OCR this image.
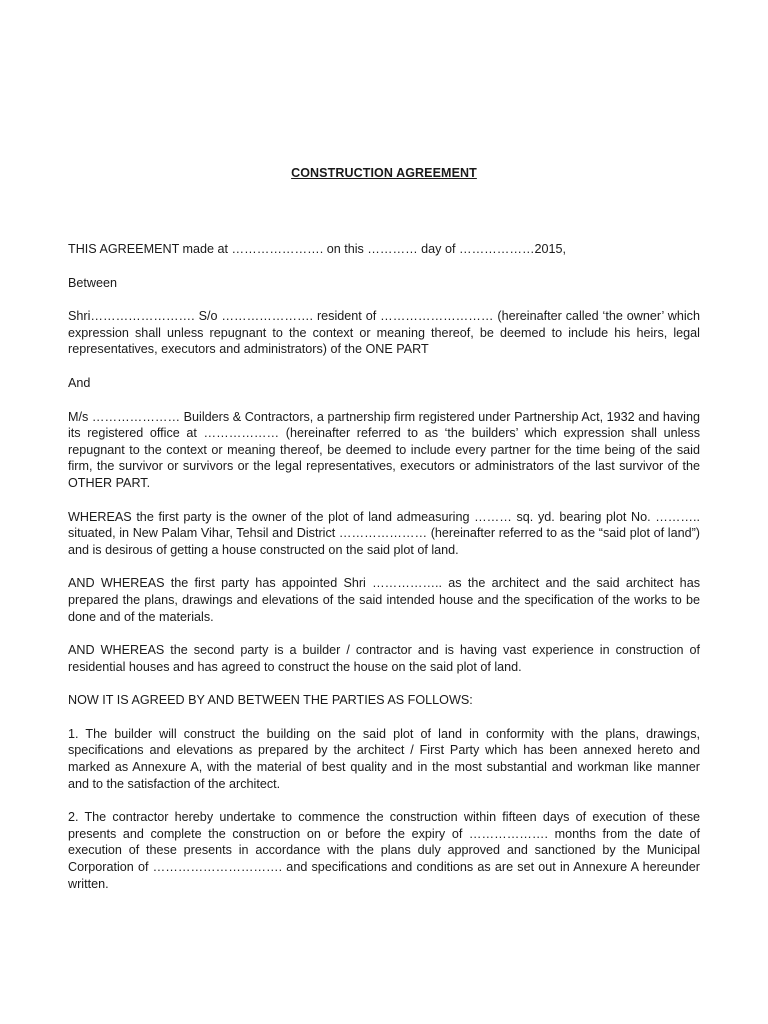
CONSTRUCTION AGREEMENT

THIS AGREEMENT made at …………………. on this ………… day of ………………2015,

Between

Shri……………………. S/o …………………. resident of ……………………… (hereinafter called ‘the owner’ which expression shall unless repugnant to the context or meaning thereof, be deemed to include his heirs, legal representatives, executors and administrators) of the ONE PART

And

M/s ………………… Builders & Contractors, a partnership firm registered under Partnership Act, 1932 and having its registered office at ……………… (hereinafter referred to as ‘the builders’ which expression shall unless repugnant to the context or meaning thereof, be deemed to include every partner for the time being of the said firm, the survivor or survivors or the legal representatives, executors or administrators of the last survivor of the OTHER PART.

WHEREAS the first party is the owner of the plot of land admeasuring ……… sq. yd. bearing plot No. ……….. situated, in New Palam Vihar, Tehsil and District ………………… (hereinafter referred to as the “said plot of land”) and is desirous of getting a house constructed on the said plot of land.

AND WHEREAS the first party has appointed Shri …………….. as the architect and the said architect has prepared the plans, drawings and elevations of the said intended house and the specification of the works to be done and of the materials.

AND WHEREAS the second party is a builder / contractor and is having vast experience in construction of residential houses and has agreed to construct the house on the said plot of land.

NOW IT IS AGREED BY AND BETWEEN THE PARTIES AS FOLLOWS:

1. The builder will construct the building on the said plot of land in conformity with the plans, drawings, specifications and elevations as prepared by the architect / First Party which has been annexed hereto and marked as Annexure A, with the material of best quality and in the most substantial and workman like manner and to the satisfaction of the architect.

2. The contractor hereby undertake to commence the construction within fifteen days of execution of these presents and complete the construction on or before the expiry of ………………. months from the date of execution of these presents in accordance with the plans duly approved and sanctioned by the Municipal Corporation of …………………………. and specifications and conditions as are set out in Annexure A hereunder written.
